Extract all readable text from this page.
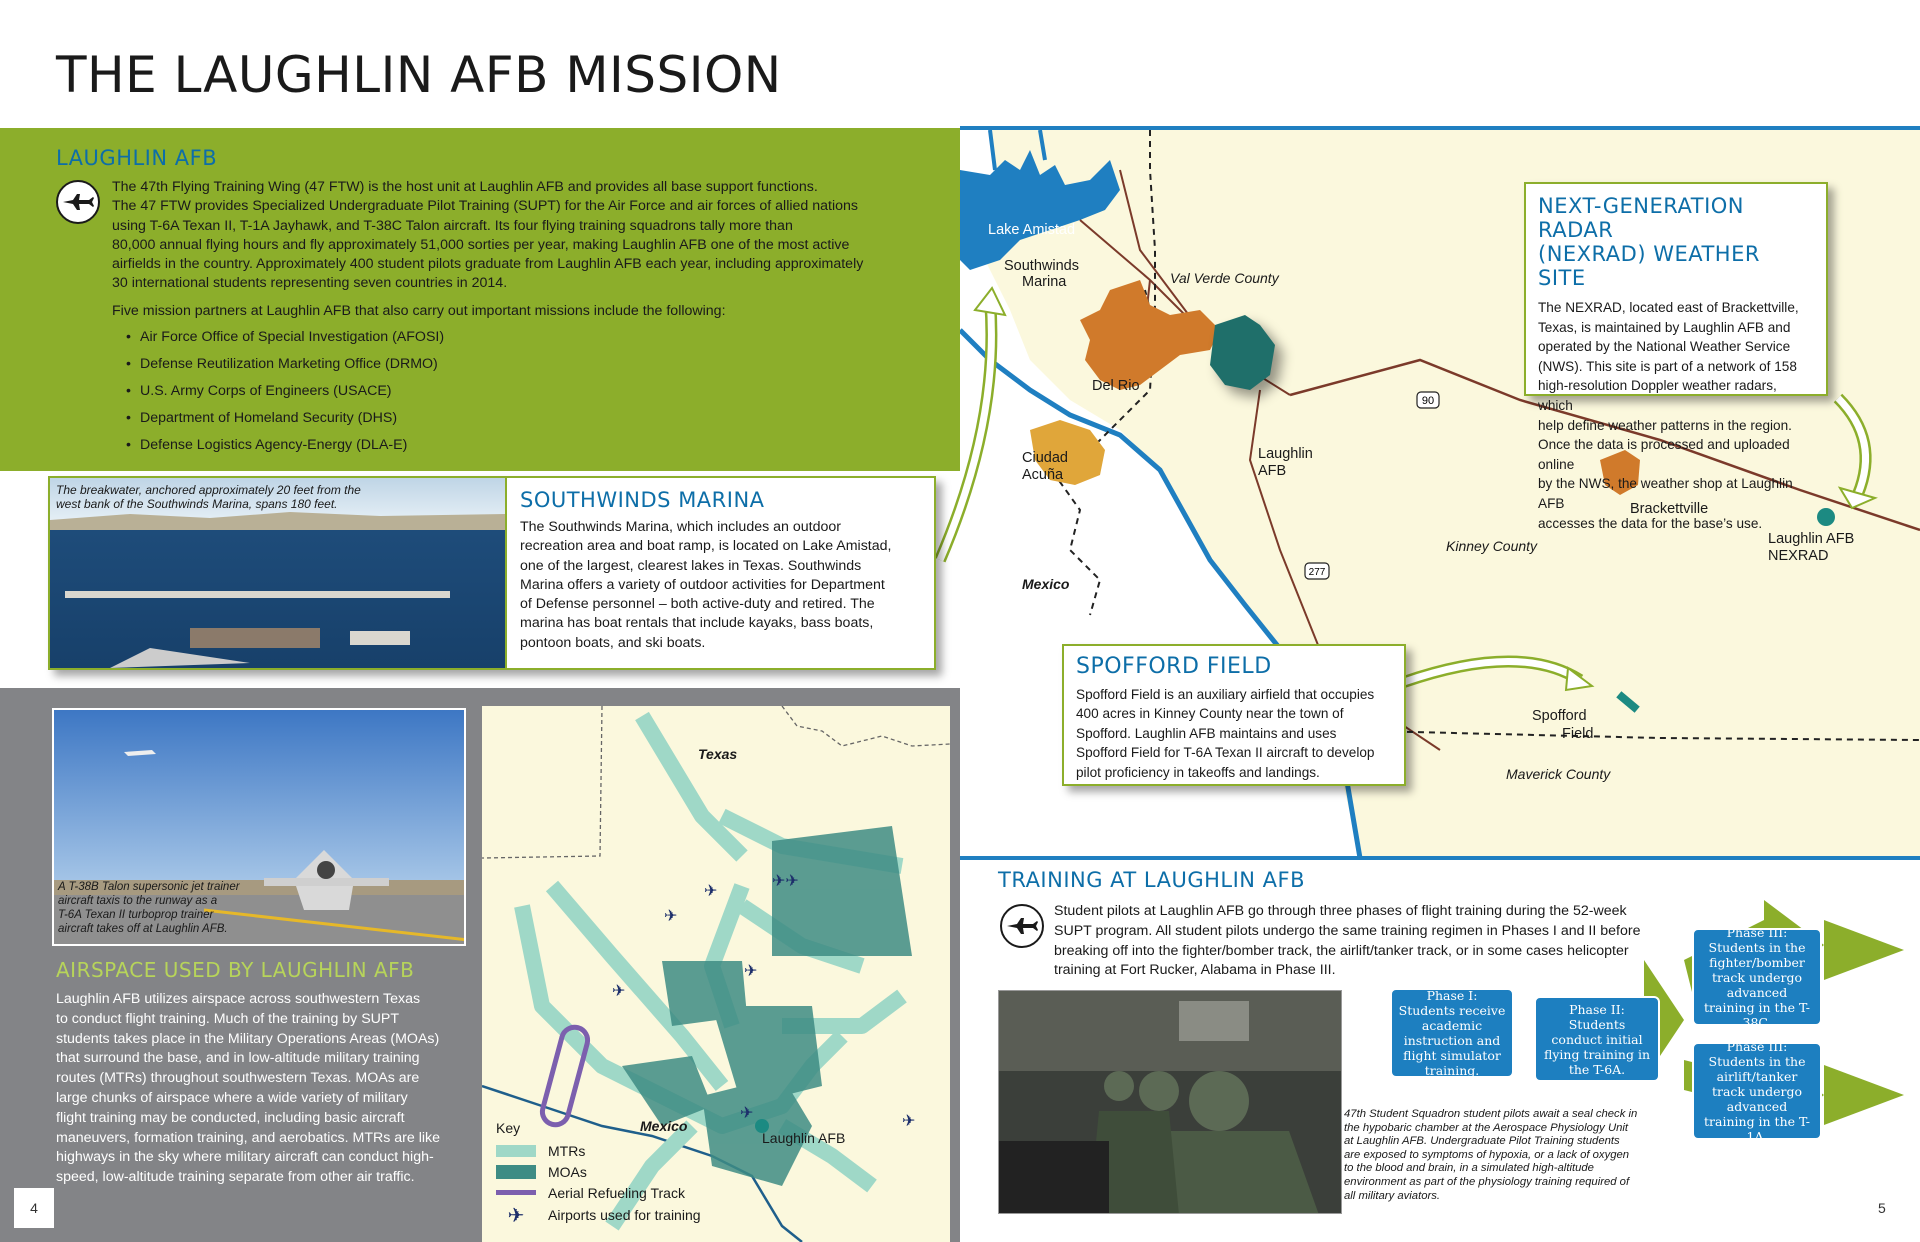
THE LAUGHLIN AFB MISSION
90
277
Lake Amistad
Southwinds
Marina	Val Verde County
Del Rio
Ciudad
Acuña
Laughlin
AFB
Mexico
Kinney County
Brackettville
Laughlin AFB
NEXRAD
Spofford
Field
Maverick County
NEXT-GENERATION RADAR
(NEXRAD) WEATHER SITE
The NEXRAD, located east of Brackettville,
Texas, is maintained by Laughlin AFB and
operated by the National Weather Service
(NWS). This site is part of a network of 158
high-resolution Doppler weather radars, which
help define weather patterns in the region.
Once the data is processed and uploaded online
by the NWS, the weather shop at Laughlin AFB
accesses the data for the base’s use.
SPOFFORD FIELD
Spofford Field is an auxiliary airfield that occupies
400 acres in Kinney County near the town of
Spofford. Laughlin AFB maintains and uses
Spofford Field for T-6A Texan II aircraft to develop
pilot proficiency in takeoffs and landings.
LAUGHLIN AFB
The 47th Flying Training Wing (47 FTW) is the host unit at Laughlin AFB and provides all base support functions.
The 47 FTW provides Specialized Undergraduate Pilot Training (SUPT) for the Air Force and air forces of allied nations
using T-6A Texan II, T-1A Jayhawk, and T-38C Talon aircraft. Its four flying training squadrons tally more than
80,000 annual flying hours and fly approximately 51,000 sorties per year, making Laughlin AFB one of the most active
airfields in the country. Approximately 400 student pilots graduate from Laughlin AFB each year, including approximately
30 international students representing seven countries in 2014.
Five mission partners at Laughlin AFB that also carry out important missions include the following:
• Air Force Office of Special Investigation (AFOSI)
• Defense Reutilization Marketing Office (DRMO)
• U.S. Army Corps of Engineers (USACE)
• Department of Homeland Security (DHS)
• Defense Logistics Agency-Energy (DLA-E)
The breakwater, anchored approximately 20 feet from the
west bank of the Southwinds Marina, spans 180 feet.	SOUTHWINDS MARINA
The Southwinds Marina, which includes an outdoor
recreation area and boat ramp, is located on Lake Amistad,
one of the largest, clearest lakes in Texas. Southwinds
Marina offers a variety of outdoor activities for Department
of Defense personnel – both active-duty and retired. The
marina has boat rentals that include kayaks, bass boats,
pontoon boats, and ski boats.
A T-38B Talon supersonic jet trainer
aircraft taxis to the runway as a
T-6A Texan II turboprop trainer
aircraft takes off at Laughlin AFB.
AIRSPACE USED BY LAUGHLIN AFB
Laughlin AFB utilizes airspace across southwestern Texas
to conduct flight training. Much of the training by SUPT
students takes place in the Military Operations Areas (MOAs)
that surround the base, and in low-altitude military training
routes (MTRs) throughout southwestern Texas. MOAs are
large chunks of airspace where a wide variety of military
flight training may be conducted, including basic aircraft
maneuvers, formation training, and aerobatics. MTRs are like
highways in the sky where military aircraft can conduct high-
speed, low-altitude training separate from other air traffic.
4
✈
✈
✈✈
✈
✈
✈	✈
Texas
Mexico
Laughlin AFB
Key
MTRs
MOAs
Aerial Refueling Track
✈	Airports used for training
TRAINING AT LAUGHLIN AFB
Student pilots at Laughlin AFB go through three phases of flight training during the 52-week
SUPT program. All student pilots undergo the same training regimen in Phases I and II before
breaking off into the fighter/bomber track, the airlift/tanker track, or in some cases helicopter
training at Fort Rucker, Alabama in Phase III.
47th Student Squadron student pilots await a seal check in
the hypobaric chamber at the Aerospace Physiology Unit
at Laughlin AFB. Undergraduate Pilot Training students
are exposed to symptoms of hypoxia, or a lack of oxygen
to the blood and brain, in a simulated high-altitude
environment as part of the physiology training required of
all military aviators.
Phase I: Students receive academic instruction and flight simulator training.
Phase II: Students conduct initial flying training in the T-6A.
Phase III: Students in the fighter/bomber track undergo advanced training in the T-38C.
Phase III: Students in the airlift/tanker track undergo advanced training in the T-1A.
5
